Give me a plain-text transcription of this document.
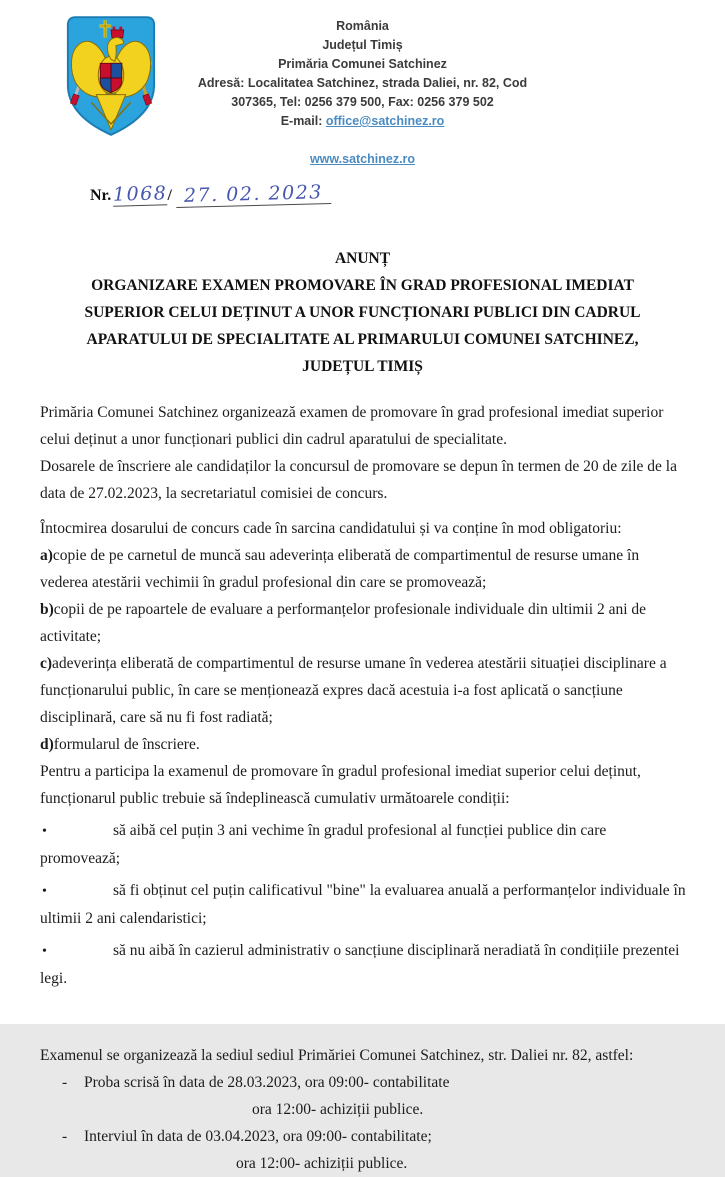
România
Județul Timiș
Primăria Comunei Satchinez
Adresă: Localitatea Satchinez, strada Daliei, nr. 82, Cod
307365, Tel: 0256 379 500, Fax: 0256 379 502
E-mail: office@satchinez.ro
www.satchinez.ro
Nr.1068/ 27. 02. 2023
ANUNȚ
ORGANIZARE EXAMEN PROMOVARE ÎN GRAD PROFESIONAL IMEDIAT SUPERIOR CELUI DEȚINUT A UNOR FUNCȚIONARI PUBLICI DIN CADRUL APARATULUI DE SPECIALITATE AL PRIMARULUI COMUNEI SATCHINEZ, JUDEȚUL TIMIȘ

Primăria Comunei Satchinez organizează examen de promovare în grad profesional imediat superior celui deținut a unor funcționari publici din cadrul aparatului de specialitate.

Dosarele de înscriere ale candidaților la concursul de promovare se depun în termen de 20 de zile de la data de 27.02.2023, la secretariatul comisiei de concurs.

Întocmirea dosarului de concurs cade în sarcina candidatului și va conține în mod obligatoriu:

a)copie de pe carnetul de muncă sau adeverința eliberată de compartimentul de resurse umane în vederea atestării vechimii în gradul profesional din care se promovează;

b)copii de pe rapoartele de evaluare a performanțelor profesionale individuale din ultimii 2 ani de activitate;

c)adeverința eliberată de compartimentul de resurse umane în vederea atestării situației disciplinare a funcționarului public, în care se menționează expres dacă acestuia i-a fost aplicată o sancțiune disciplinară, care să nu fi fost radiată;

d)formularul de înscriere.

Pentru a participa la examenul de promovare în gradul profesional imediat superior celui deținut, funcționarul public trebuie să îndeplinească cumulativ următoarele condiții:

•	să aibă cel puțin 3 ani vechime în gradul profesional al funcției publice din care promovează;

•	să fi obținut cel puțin calificativul "bine" la evaluarea anuală a performanțelor individuale în ultimii 2 ani calendaristici;

•	să nu aibă în cazierul administrativ o sancțiune disciplinară neradiată în condițiile prezentei legi.

Examenul se organizează la sediul sediul Primăriei Comunei Satchinez, str. Daliei nr. 82, astfel:

- Proba scrisă în data de 28.03.2023, ora 09:00- contabilitate

ora 12:00- achiziții publice.

- Interviul în data de 03.04.2023, ora 09:00- contabilitate;

ora 12:00- achiziții publice.
